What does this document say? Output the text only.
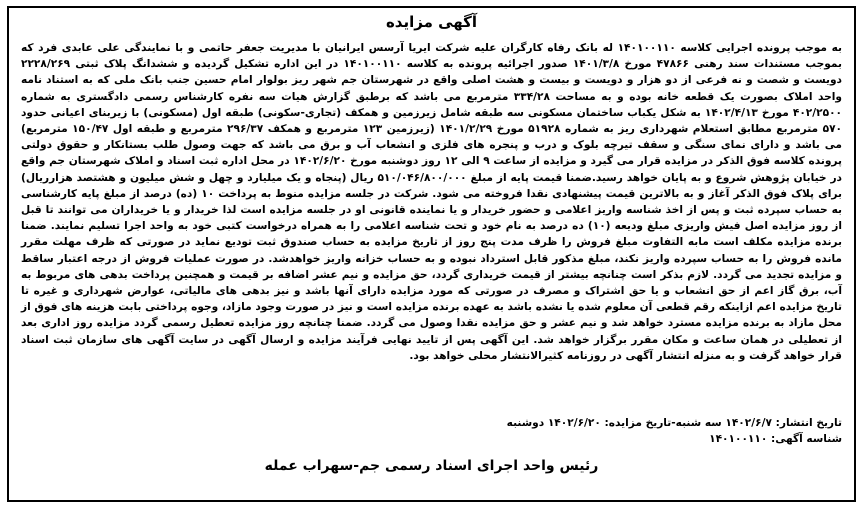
آگهی مزایده
به موجب پرونده اجرایی کلاسه ۱۴۰۱۰۰۱۱۰ له بانک رفاه کارگران علیه شرکت ایریا آرسس ایرانیان با مدیریت جعفر حاتمی و با نمایندگی علی عابدی فرد که بموجب مستندات سند رهنی ۴۷۸۶۶ مورخ ۱۴۰۱/۳/۸ صدور اجرائیه پرونده به کلاسه ۱۴۰۱۰۰۱۱۰ در این اداره تشکیل گردیده و ششدانگ پلاک ثبتی ۲۲۲۸/۲۶۹ دویست و شصت و نه فرعی از دو هزار و دویست و بیست و هشت اصلی واقع در شهرستان جم شهر ریز بولوار امام حسین جنب بانک ملی که به استناد نامه واحد املاک بصورت یک قطعه خانه بوده و به مساحت ۳۳۴/۲۸ مترمربع می باشد که برطبق گزارش هیات سه نفره کارشناس رسمی دادگستری به شماره ۴۰۲/۲۵۰۰ مورخ ۱۴۰۲/۴/۱۳ به شکل یکباب ساختمان مسکونی سه طبقه شامل زیرزمین و همکف (تجاری-سکونی) طبقه اول (مسکونی) با زیربنای اعیانی حدود ۵۷۰ مترمربع مطابق استعلام شهرداری ریز به شماره ۵۱۹۲۸ مورخ ۱۴۰۱/۲/۲۹ (زیرزمین ۱۲۳ مترمربع و همکف ۲۹۶/۳۷ مترمربع و طبقه اول ۱۵۰/۴۷ مترمربع) می باشد و دارای نمای سنگی و سقف تیرچه بلوک و درب و پنجره های فلزی و انشعاب آب و برق می باشد که جهت وصول طلب بستانکار و حقوق دولتی پرونده کلاسه فوق الذکر در مزایده قرار می گیرد و مزایده از ساعت ۹ الی ۱۲ روز دوشنبه مورخ ۱۴۰۲/۶/۲۰ در محل اداره ثبت اسناد و املاک شهرستان جم واقع در خیابان پژوهش شروع و به پایان خواهد رسید.ضمنا قیمت پایه از مبلغ ۵۱۰/۰۴۶/۸۰۰/۰۰۰ ریال (پنجاه و یک میلیارد و چهل و شش میلیون و هشتصد هزارریال) برای پلاک فوق الذکر آغاز و به بالاترین قیمت پیشنهادی نقدا فروخته می شود. شرکت در جلسه مزایده منوط به پرداخت ۱۰ (ده) درصد از مبلغ پایه کارشناسی به حساب سپرده ثبت و پس از اخذ شناسه واریز اعلامی و حضور خریدار و یا نماینده قانونی او در جلسه مزایده است لذا خریدار و یا خریداران می توانند تا قبل از روز مزایده اصل فیش واریزی مبلغ ودیعه (۱۰) ده درصد به نام خود و تحت شناسه اعلامی را به همراه درخواست کتبی خود به واحد اجرا تسلیم نمایند. ضمنا برنده مزایده مکلف است مابه التفاوت مبلغ فروش را ظرف مدت پنج روز از تاریخ مزایده به حساب صندوق ثبت تودیع نماید در صورتی که ظرف مهلت مقرر مانده فروش را به حساب سپرده واریز نکند، مبلغ مذکور قابل استرداد نبوده و به حساب خزانه واریز خواهدشد. در صورت عملیات فروش از درجه اعتبار ساقط و مزایده تجدید می گردد. لازم بذکر است چنانچه بیشتر از قیمت خریداری گردد، حق مزایده و نیم عشر اضافه بر قیمت و همچنین پرداخت بدهی های مربوط به آب، برق گاز اعم از حق انشعاب و یا حق اشتراک و مصرف در صورتی که مورد مزایده دارای آنها باشد و نیز بدهی های مالیاتی، عوارض شهرداری و غیره تا تاریخ مزایده اعم ازاینکه رقم قطعی آن معلوم شده یا نشده باشد به عهده برنده مزایده است و نیز در صورت وجود مازاد، وجوه پرداختی بابت هزینه های فوق از محل مازاد به برنده مزایده مسترد خواهد شد و نیم عشر و حق مزایده نقدا وصول می گردد. ضمنا چنانچه روز مزایده تعطیل رسمی گردد مزایده روز اداری بعد از تعطیلی در همان ساعت و مکان مقرر برگزار خواهد شد. این آگهی پس از تایید نهایی فرآیند مزایده و ارسال آگهی در سایت آگهی های سازمان ثبت اسناد قرار خواهد گرفت و به منزله انتشار آگهی در روزنامه کثیرالانتشار محلی خواهد بود.
تاریخ انتشار: ۱۴۰۲/۶/۷ سه شنبه-تاریخ مزایده: ۱۴۰۲/۶/۲۰ دوشنبه
شناسه آگهی: ۱۴۰۱۰۰۱۱۰
رئیس واحد اجرای اسناد رسمی جم-سهراب عمله
